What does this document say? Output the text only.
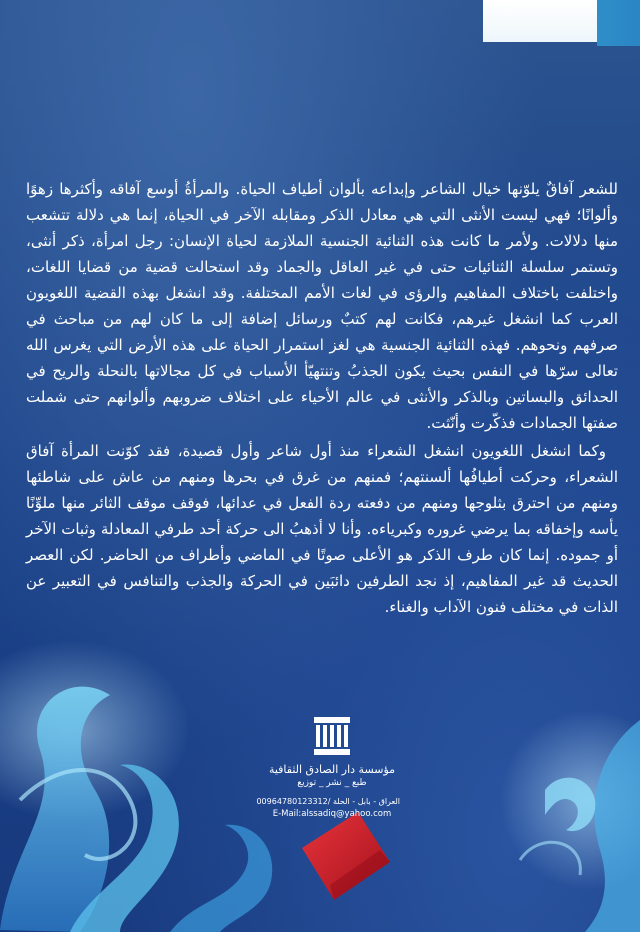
للشعر آفاقٌ يلوّنها خيال الشاعر وإبداعه بألوان أطياف الحياة. والمرأةُ أوسع آفاقه وأكثرها زهوًا وألوانًا؛ فهي ليست الأنثى التي هي معادل الذكر ومقابله الآخر في الحياة، إنما هي دلالة تتشعب منها دلالات. ولأمر ما كانت هذه الثنائية الجنسية الملازمة لحياة الإنسان: رجل امرأة، ذكر أنثى، وتستمر سلسلة الثنائيات حتى في غير العاقل والجماد وقد استحالت قضية من قضايا اللغات، واختلفت باختلاف المفاهيم والرؤى في لغات الأمم المختلفة. وقد انشغل بهذه القضية اللغويون العرب كما انشغل غيرهم، فكانت لهم كتبٌ ورسائل إضافة إلى ما كان لهم من مباحث في صرفهم ونحوهم. فهذه الثنائية الجنسية هي لغز استمرار الحياة على هذه الأرض التي يغرس الله تعالى سرّها في النفس بحيث يكون الجذبُ وتنتهيّأ الأسباب في كل مجالاتها بالنحلة والريح في الحدائق والبساتين وبالذكر والأنثى في عالم الأحياء على اختلاف ضروبهم وألوانهم حتى شملت صفتها الجمادات فذكّرت وأنّثت.

وكما انشغل اللغويون انشغل الشعراء منذ أول شاعر وأول قصيدة، فقد كوّنت المرأة آفاق الشعراء، وحركت أطيافُها ألسنتهم؛ فمنهم من غرق في بحرها ومنهم من عاش على شاطئها ومنهم من احترق بثلوجها ومنهم من دفعته ردة الفعل في عدائها، فوقف موقف الثائر منها ملوِّنًا يأسه وإخفاقه بما يرضي غروره وكبرياءه. وأنا لا أذهبُ الى حركة أحد طرفي المعادلة وثبات الآخر أو جموده. إنما كان طرف الذكر هو الأعلى صوتًا في الماضي وأطراف من الحاضر. لكن العصر الحديث قد غير المفاهيم، إذ نجد الطرفين دائبَين في الحركة والجذب والتنافس في التعبير عن الذات في مختلف فنون الآداب والغناء.

مؤسسة دار الصادق الثقافية
طبع _ نشر _ توزيع
العراق - بابل - الحلة /00964780123312
E-Mail:alssadiq@yahoo.com
